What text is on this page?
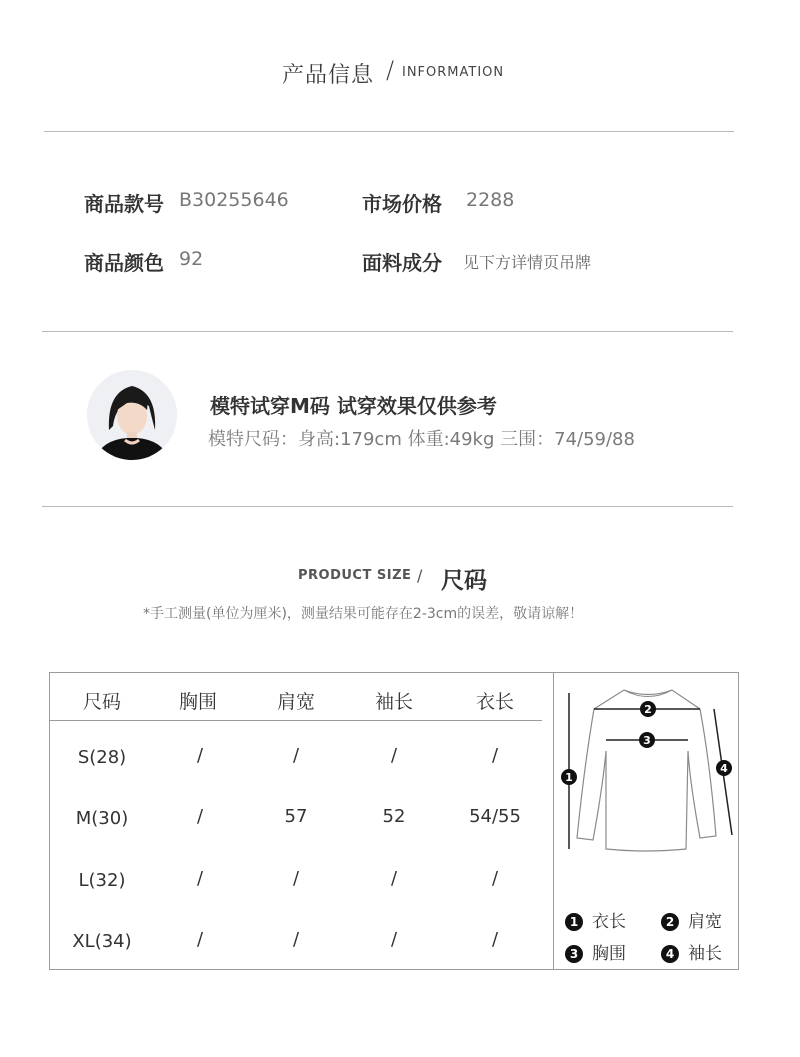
产品信息 / INFORMATION
商品款号 B30255646	市场价格 2288
商品颜色 92	面料成分 见下方详情页吊牌
模特试穿M码 试穿效果仅供参考
模特尺码：身高:179cm 体重:49kg 三围：74/59/88
PRODUCT SIZE / 尺码
*手工测量(单位为厘米)，测量结果可能存在2-3cm的误差，敬请谅解！
尺码	胸围	肩宽	袖长	衣长
S(28)	/	/	/	/
M(30)	/	57	52	54/55
L(32)	/	/	/	/
XL(34)	/	/	/	/
2
3
1
4
1 衣长	2 肩宽
3 胸围	4 袖长
